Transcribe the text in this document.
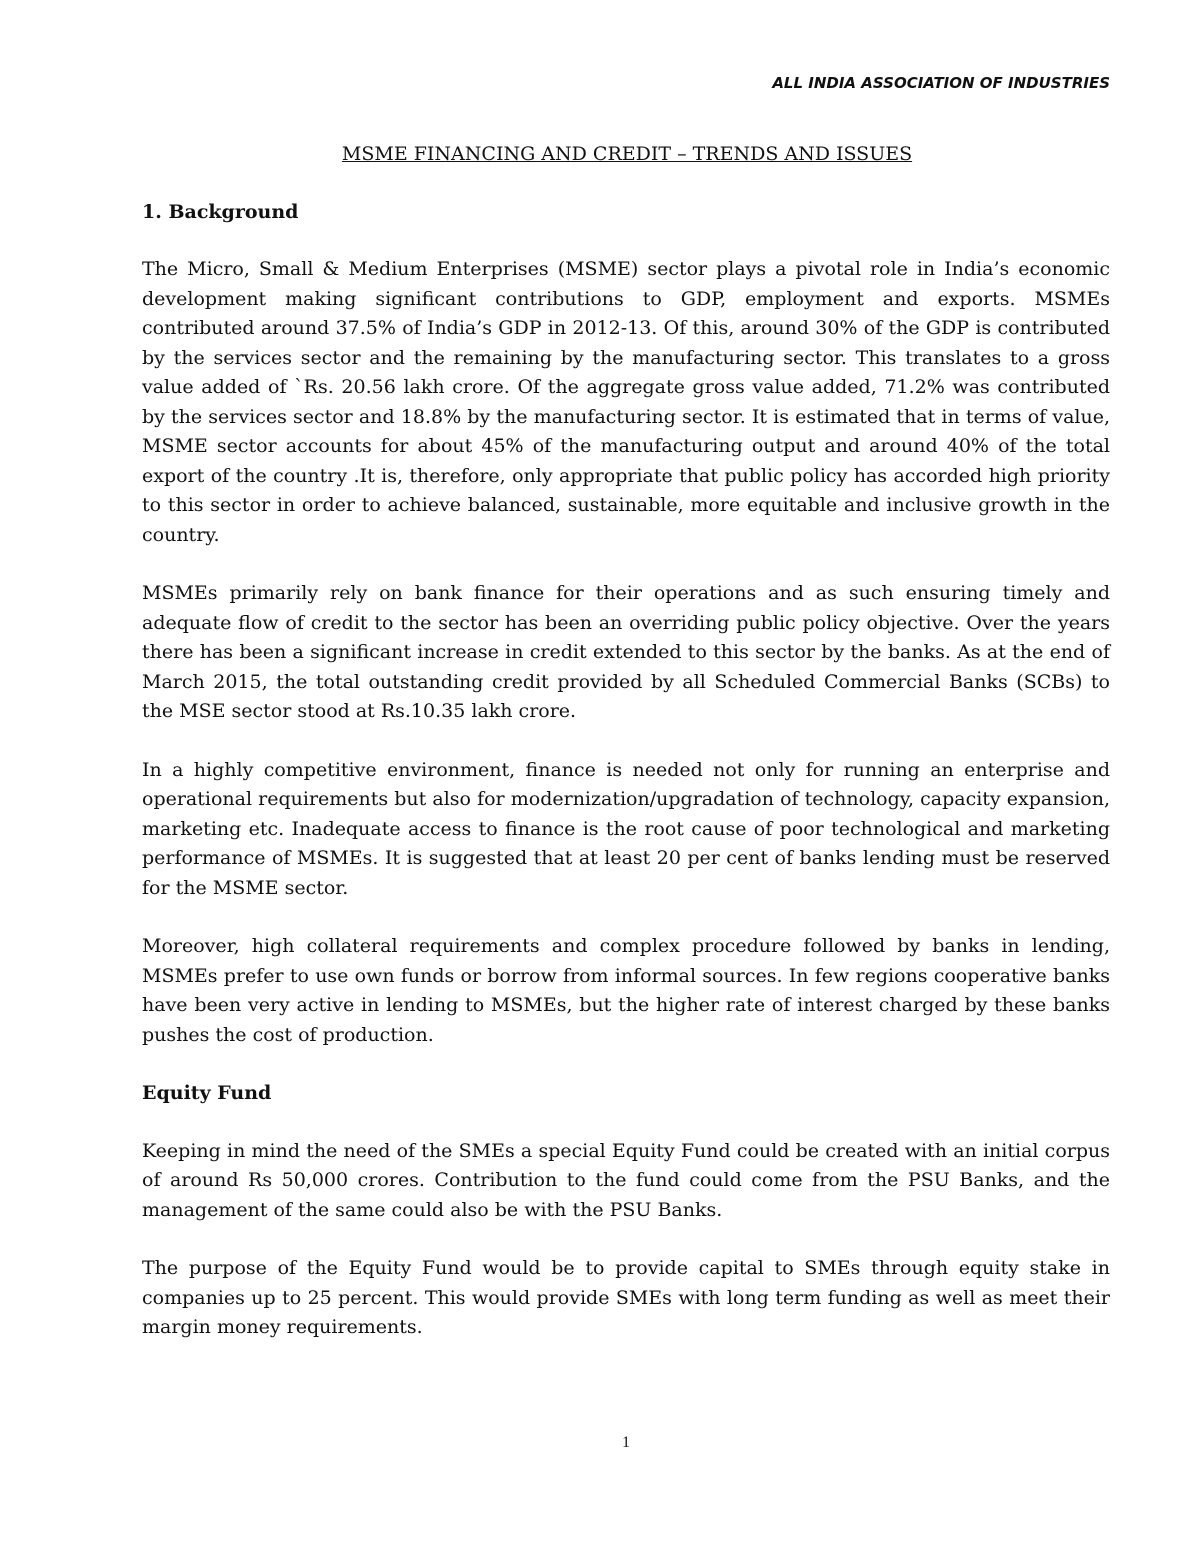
ALL INDIA ASSOCIATION OF INDUSTRIES
MSME FINANCING AND CREDIT – TRENDS AND ISSUES
1. Background

The Micro, Small & Medium Enterprises (MSME) sector plays a pivotal role in India’s economic development making significant contributions to GDP, employment and exports. MSMEs contributed around 37.5% of India’s GDP in 2012-13. Of this, around 30% of the GDP is contributed by the services sector and the remaining by the manufacturing sector. This translates to a gross value added of `Rs. 20.56 lakh crore. Of the aggregate gross value added, 71.2% was contributed by the services sector and 18.8% by the manufacturing sector. It is estimated that in terms of value, MSME sector accounts for about 45% of the manufacturing output and around 40% of the total export of the country .It is, therefore, only appropriate that public policy has accorded high priority to this sector in order to achieve balanced, sustainable, more equitable and inclusive growth in the country.

MSMEs primarily rely on bank finance for their operations and as such ensuring timely and adequate flow of credit to the sector has been an overriding public policy objective. Over the years there has been a significant increase in credit extended to this sector by the banks. As at the end of March 2015, the total outstanding credit provided by all Scheduled Commercial Banks (SCBs) to the MSE sector stood at Rs.10.35 lakh crore.

In a highly competitive environment, finance is needed not only for running an enterprise and operational requirements but also for modernization/upgradation of technology, capacity expansion, marketing etc. Inadequate access to finance is the root cause of poor technological and marketing performance of MSMEs. It is suggested that at least 20 per cent of banks lending must be reserved for the MSME sector.

Moreover, high collateral requirements and complex procedure followed by banks in lending, MSMEs prefer to use own funds or borrow from informal sources. In few regions cooperative banks have been very active in lending to MSMEs, but the higher rate of interest charged by these banks pushes the cost of production.

Equity Fund

Keeping in mind the need of the SMEs a special Equity Fund could be created with an initial corpus of around Rs 50,000 crores. Contribution to the fund could come from the PSU Banks, and the management of the same could also be with the PSU Banks.

The purpose of the Equity Fund would be to provide capital to SMEs through equity stake in companies up to 25 percent. This would provide SMEs with long term funding as well as meet their margin money requirements.

1
